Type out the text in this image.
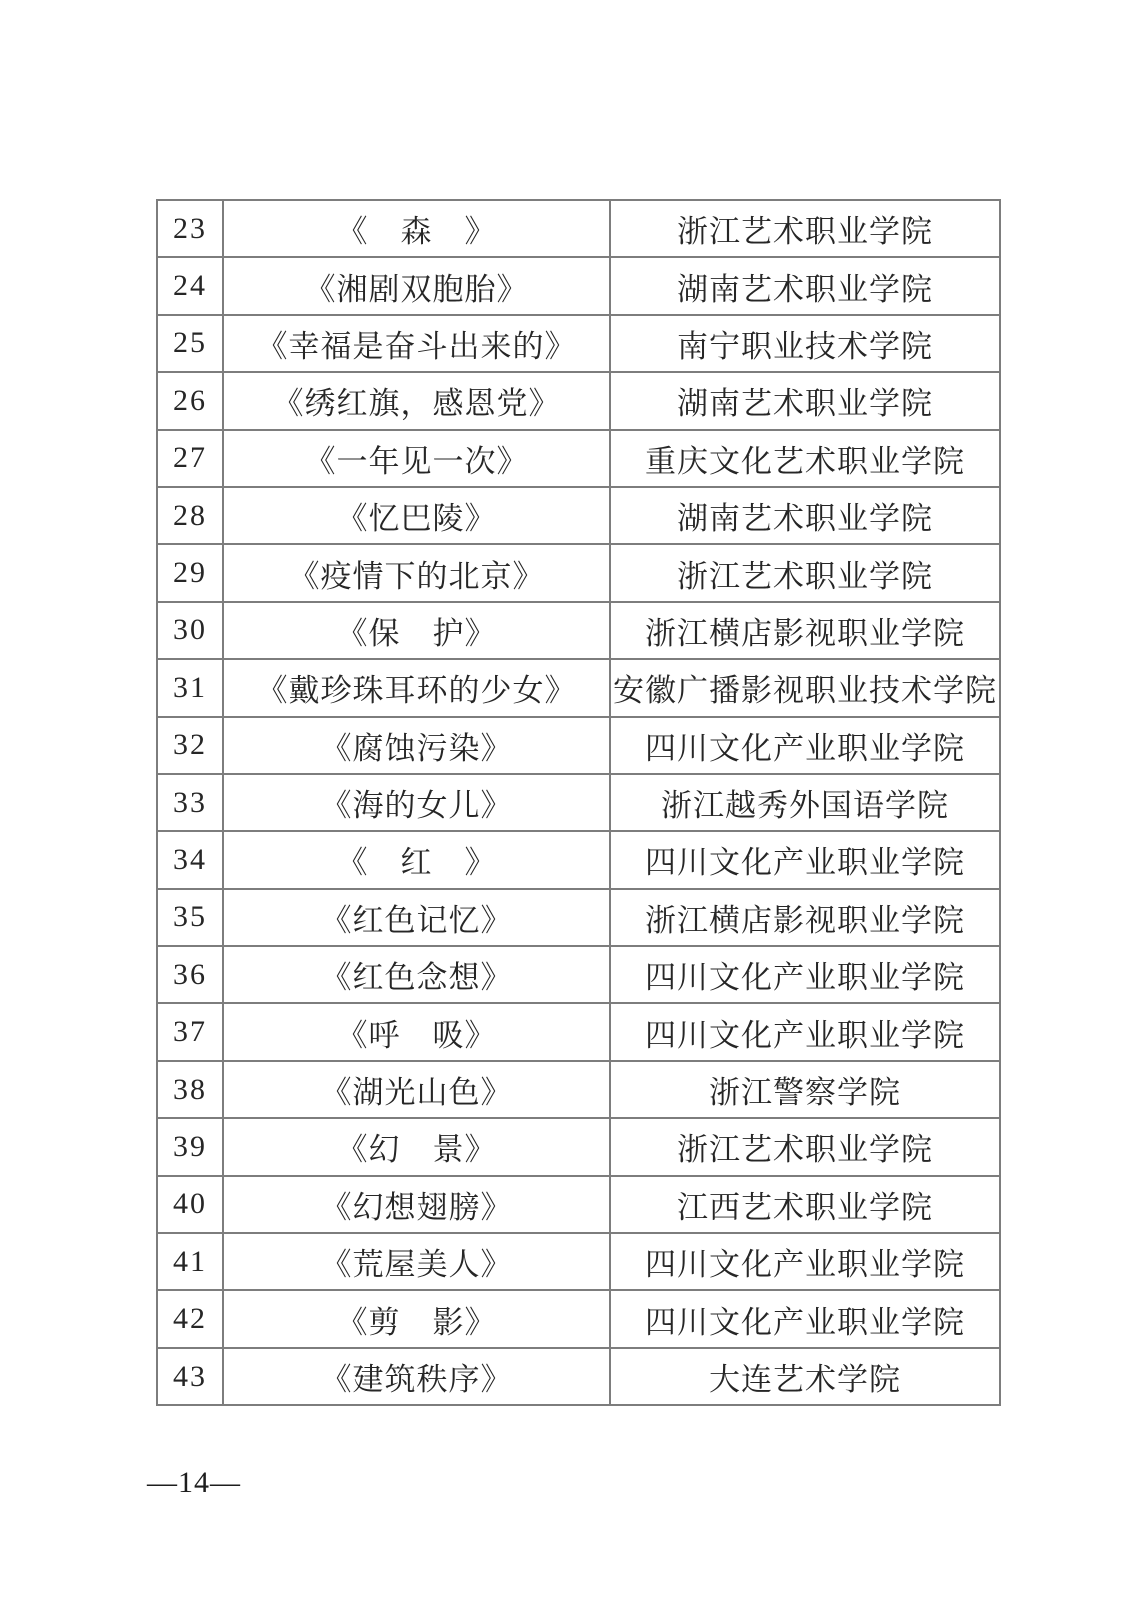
23	《　森　》	浙江艺术职业学院
24	《湘剧双胞胎》	湖南艺术职业学院
25	《幸福是奋斗出来的》	南宁职业技术学院
26	《绣红旗，感恩党》	湖南艺术职业学院
27	《一年见一次》	重庆文化艺术职业学院
28	《忆巴陵》	湖南艺术职业学院
29	《疫情下的北京》	浙江艺术职业学院
30	《保　护》	浙江横店影视职业学院
31	《戴珍珠耳环的少女》	安徽广播影视职业技术学院
32	《腐蚀污染》	四川文化产业职业学院
33	《海的女儿》	浙江越秀外国语学院
34	《　红　》	四川文化产业职业学院
35	《红色记忆》	浙江横店影视职业学院
36	《红色念想》	四川文化产业职业学院
37	《呼　吸》	四川文化产业职业学院
38	《湖光山色》	浙江警察学院
39	《幻　景》	浙江艺术职业学院
40	《幻想翅膀》	江西艺术职业学院
41	《荒屋美人》	四川文化产业职业学院
42	《剪　影》	四川文化产业职业学院
43	《建筑秩序》	大连艺术学院
—14—
